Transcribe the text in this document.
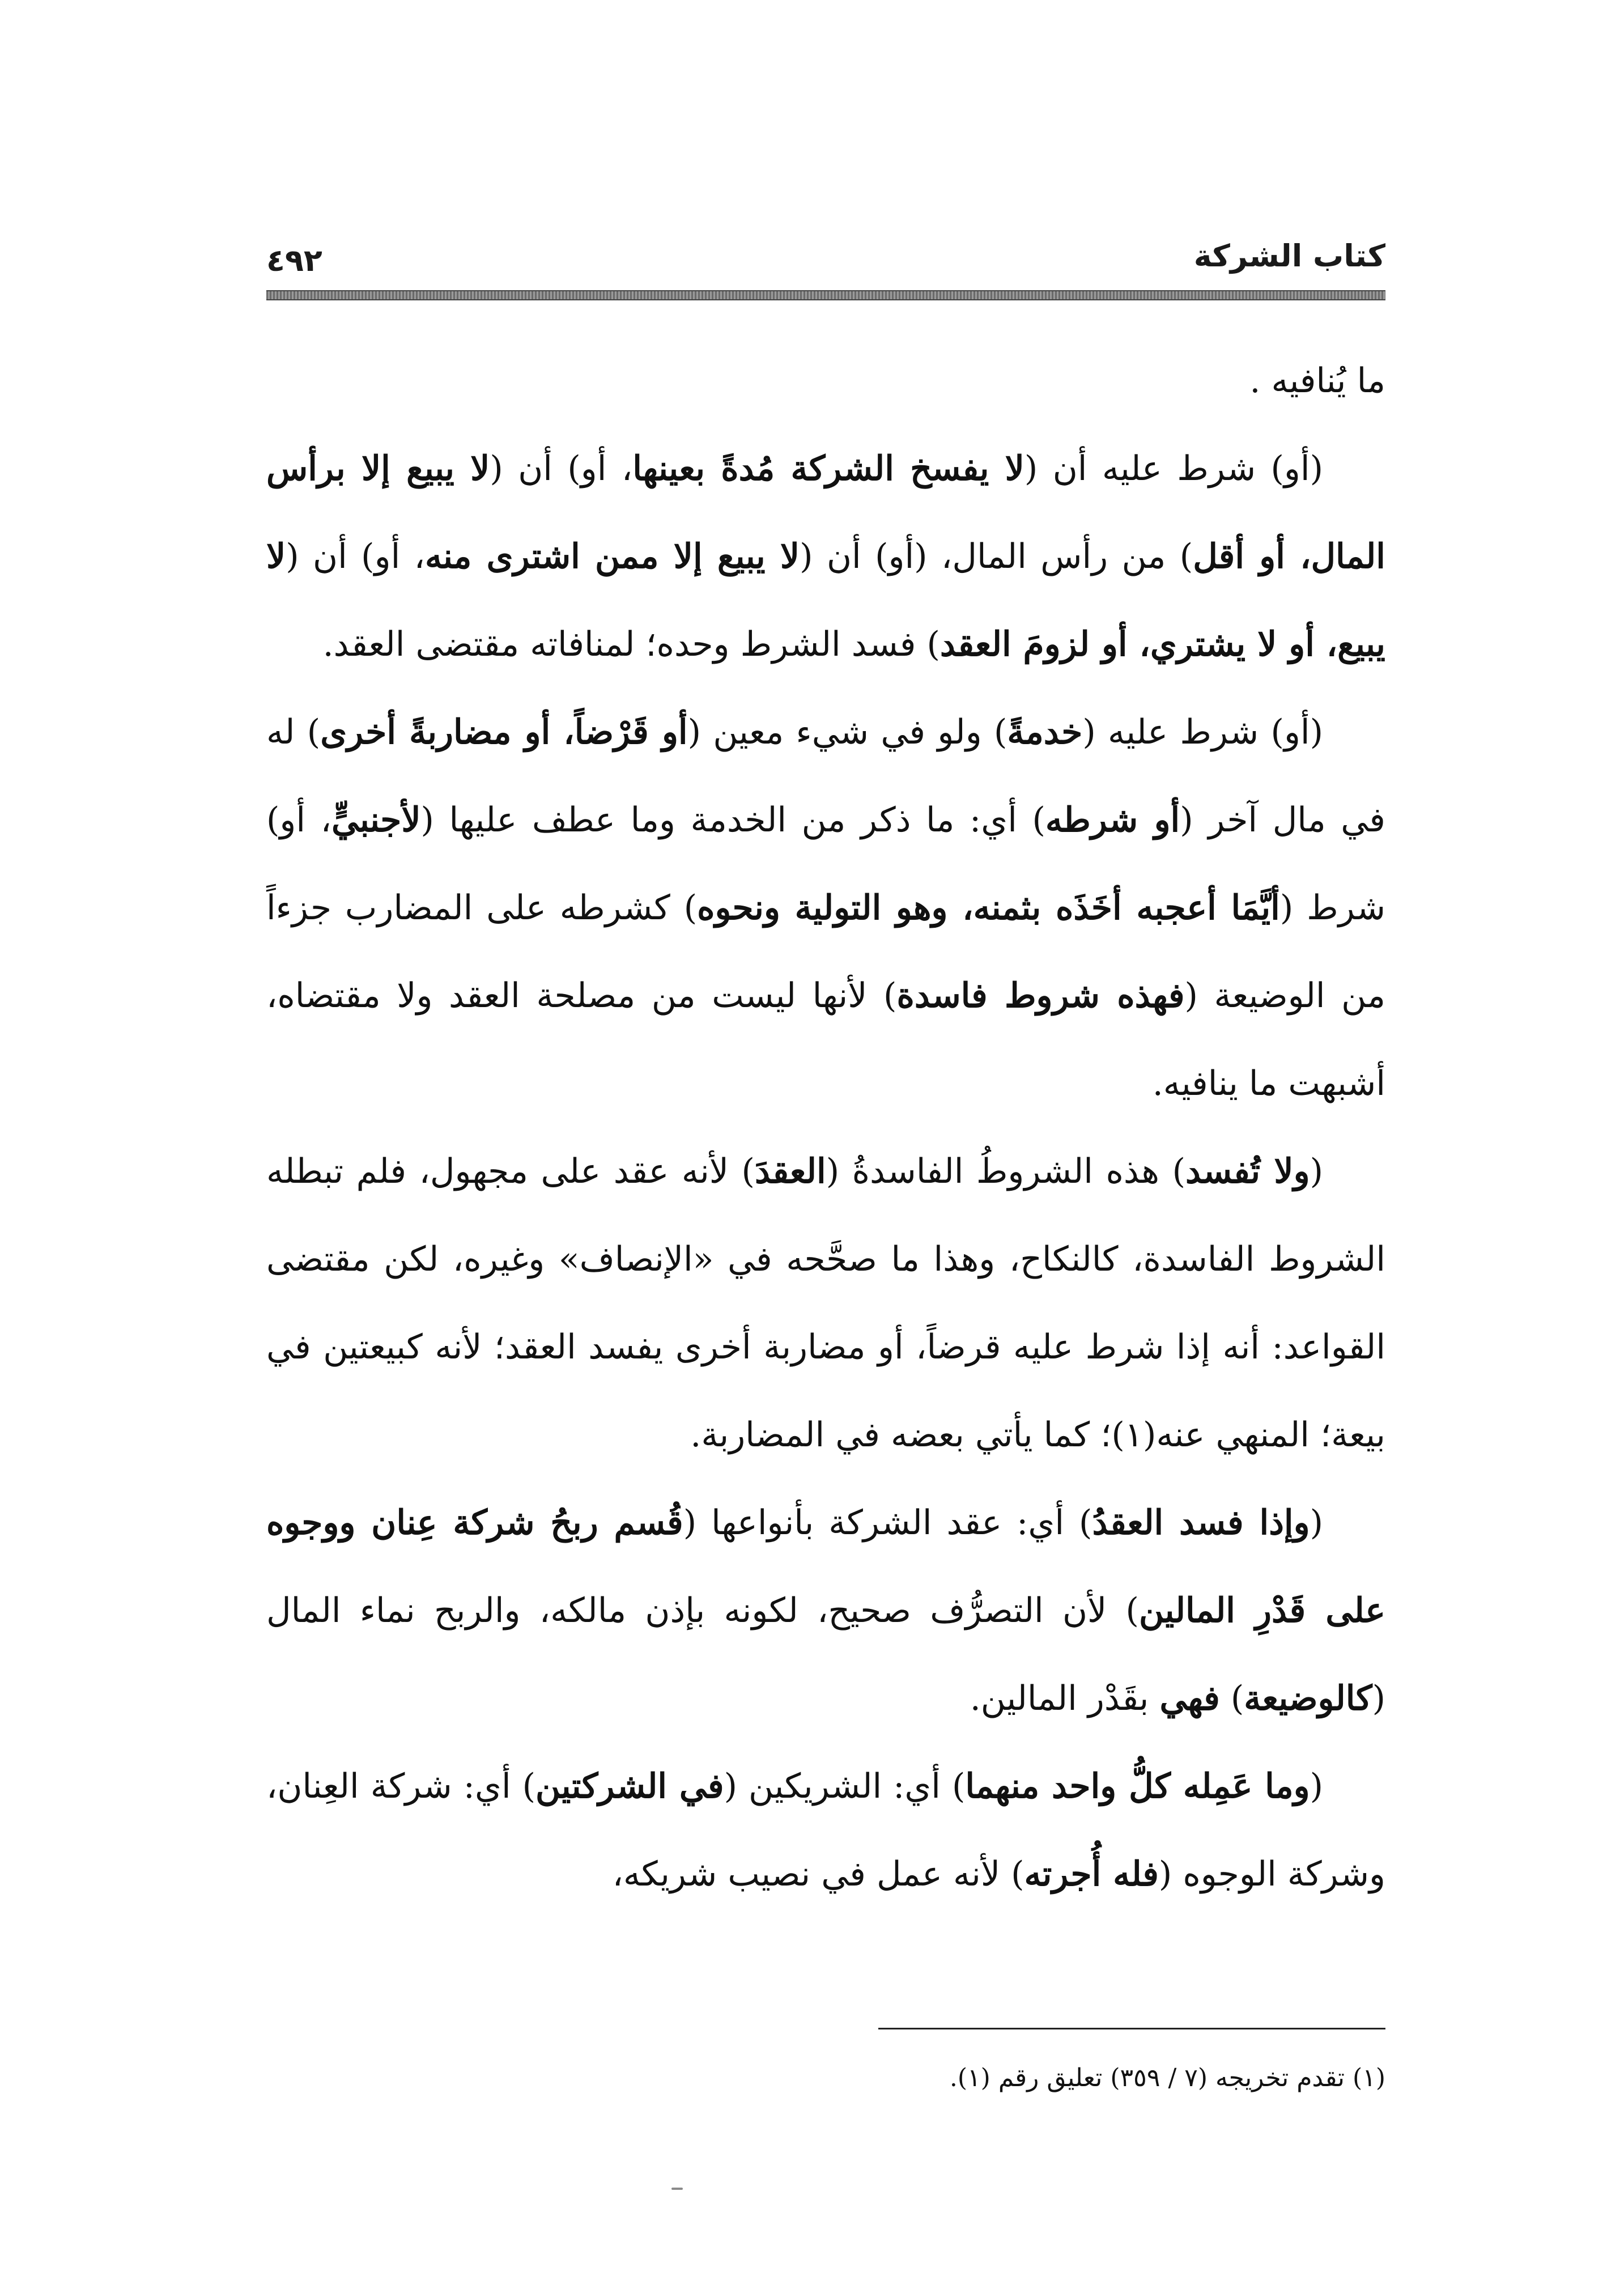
٤٩٢	كتاب الشركة

ما يُنافيه .

(أو) شرط عليه أن (لا يفسخ الشركة مُدةً بعينها، أو) أن (لا يبيع إلا برأس المال، أو أقل) من رأس المال، (أو) أن (لا يبيع إلا ممن اشترى منه، أو) أن (لا يبيع، أو لا يشتري، أو لزومَ العقد) فسد الشرط وحده؛ لمنافاته مقتضى العقد.

(أو) شرط عليه (خدمةً) ولو في شيء معين (أو قَرْضاً، أو مضاربةً أخرى) له في مال آخر (أو شرطه) أي: ما ذكر من الخدمة وما عطف عليها (لأجنبيٍّ، أو) شرط (أيَّمَا أعجبه أخَذَه بثمنه، وهو التولية ونحوه) كشرطه على المضارب جزءاً من الوضيعة (فهذه شروط فاسدة) لأنها ليست من مصلحة العقد ولا مقتضاه، أشبهت ما ينافيه.

(ولا تُفسد) هذه الشروطُ الفاسدةُ (العقدَ) لأنه عقد على مجهول، فلم تبطله الشروط الفاسدة، كالنكاح، وهذا ما صحَّحه في «الإنصاف» وغيره، لكن مقتضى القواعد: أنه إذا شرط عليه قرضاً، أو مضاربة أخرى يفسد العقد؛ لأنه كبيعتين في بيعة؛ المنهي عنه(١)؛ كما يأتي بعضه في المضاربة.

(وإذا فسد العقدُ) أي: عقد الشركة بأنواعها (قُسم ربحُ شركة عِنان ووجوه على قَدْرِ المالين) لأن التصرُّف صحيح، لكونه بإذن مالكه، والربح نماء المال (كالوضيعة) فهي بقَدْر المالين.

(وما عَمِله كلُّ واحد منهما) أي: الشريكين (في الشركتين) أي: شركة العِنان، وشركة الوجوه (فله أُجرته) لأنه عمل في نصيب شريكه،

(١) تقدم تخريجه (٧ / ٣٥٩) تعليق رقم (١).
